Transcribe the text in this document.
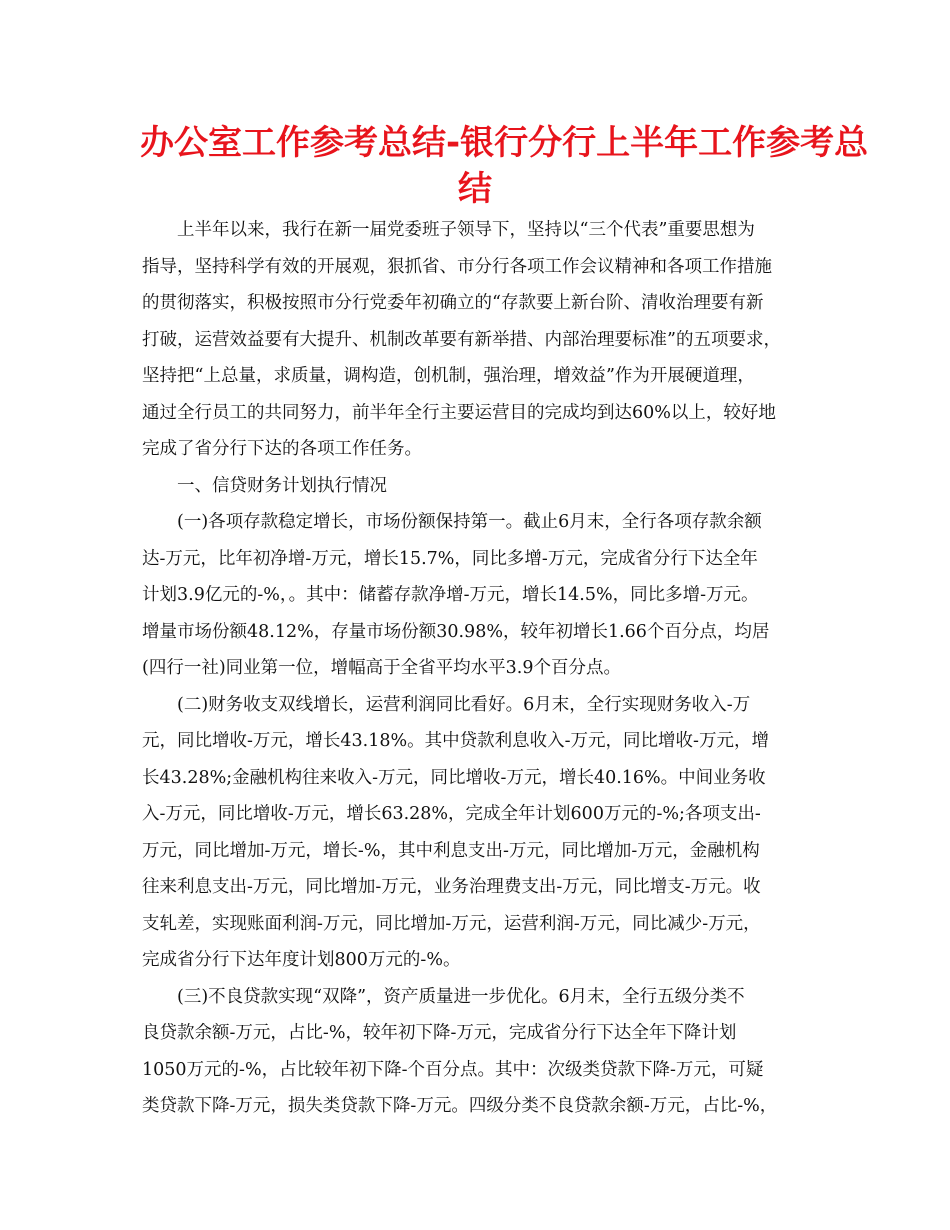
办公室工作参考总结-银行分行上半年工作参考总
结
上半年以来，我行在新一届党委班子领导下，坚持以“三个代表”重要思想为
指导，坚持科学有效的开展观，狠抓省、市分行各项工作会议精神和各项工作措施
的贯彻落实，积极按照市分行党委年初确立的“存款要上新台阶、清收治理要有新
打破，运营效益要有大提升、机制改革要有新举措、内部治理要标准”的五项要求，
坚持把“上总量，求质量，调构造，创机制，强治理，增效益”作为开展硬道理，
通过全行员工的共同努力，前半年全行主要运营目的完成均到达60%以上，较好地
完成了省分行下达的各项工作任务。
一、信贷财务计划执行情况
(一)各项存款稳定增长，市场份额保持第一。截止6月末，全行各项存款余额
达-万元，比年初净增-万元，增长15.7%，同比多增-万元，完成省分行下达全年
计划3.9亿元的-%，。其中：储蓄存款净增-万元，增长14.5%，同比多增-万元。
增量市场份额48.12%，存量市场份额30.98%，较年初增长1.66个百分点，均居
(四行一社)同业第一位，增幅高于全省平均水平3.9个百分点。
(二)财务收支双线增长，运营利润同比看好。6月末，全行实现财务收入-万
元，同比增收-万元，增长43.18%。其中贷款利息收入-万元，同比增收-万元，增
长43.28%;金融机构往来收入-万元，同比增收-万元，增长40.16%。中间业务收
入-万元，同比增收-万元，增长63.28%，完成全年计划600万元的-%;各项支出-
万元，同比增加-万元，增长-%，其中利息支出-万元，同比增加-万元，金融机构
往来利息支出-万元，同比增加-万元，业务治理费支出-万元，同比增支-万元。收
支轧差，实现账面利润-万元，同比增加-万元，运营利润-万元，同比减少-万元，
完成省分行下达年度计划800万元的-%。
(三)不良贷款实现“双降”，资产质量进一步优化。6月末，全行五级分类不
良贷款余额-万元，占比-%，较年初下降-万元，完成省分行下达全年下降计划
1050万元的-%，占比较年初下降-个百分点。其中：次级类贷款下降-万元，可疑
类贷款下降-万元，损失类贷款下降-万元。四级分类不良贷款余额-万元，占比-%，
